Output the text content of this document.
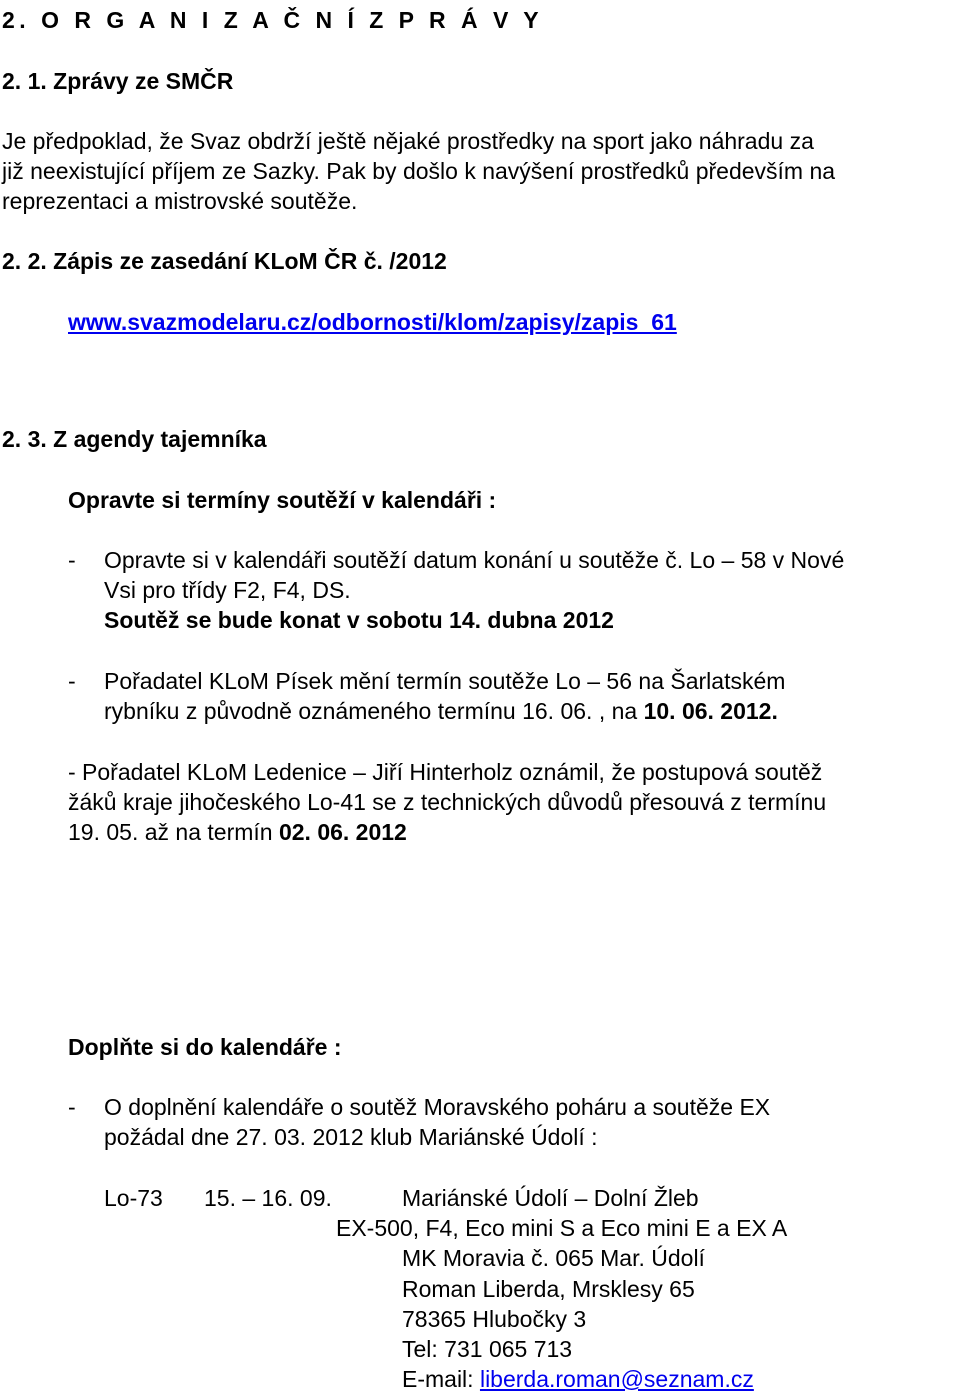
2. O R G A N I Z A Č N Í Z P R Á V Y
2. 1. Zprávy ze SMČR
Je předpoklad, že Svaz obdrží ještě nějaké prostředky na sport jako náhradu za
již neexistující příjem ze Sazky. Pak by došlo k navýšení prostředků především na
reprezentaci a mistrovské soutěže.
2. 2. Zápis ze zasedání KLoM ČR č. /2012
www.svazmodelaru.cz/odbornosti/klom/zapisy/zapis_61
2. 3. Z agendy tajemníka
Opravte si termíny soutěží v kalendáři :
- Opravte si v kalendáři soutěží datum konání u soutěže č. Lo – 58 v Nové
Vsi pro třídy F2, F4, DS.
Soutěž se bude konat v sobotu 14. dubna 2012
- Pořadatel KLoM Písek mění termín soutěže Lo – 56 na Šarlatském
rybníku z původně oznámeného termínu 16. 06. , na 10. 06. 2012.
- Pořadatel KLoM Ledenice – Jiří Hinterholz oznámil, že postupová soutěž
žáků kraje jihočeského Lo-41 se z technických důvodů přesouvá z termínu
19. 05. až na termín 02. 06. 2012
Doplňte si do kalendáře :
- O doplnění kalendáře o soutěž Moravského poháru a soutěže EX
požádal dne 27. 03. 2012 klub Mariánské Údolí :
Lo-73 15. – 16. 09.	Mariánské Údolí – Dolní Žleb
EX-500, F4, Eco mini S a Eco mini E a EX A
MK Moravia č. 065 Mar. Údolí
Roman Liberda, Mrsklesy 65
78365 Hlubočky 3
Tel: 731 065 713
E-mail: liberda.roman@seznam.cz
